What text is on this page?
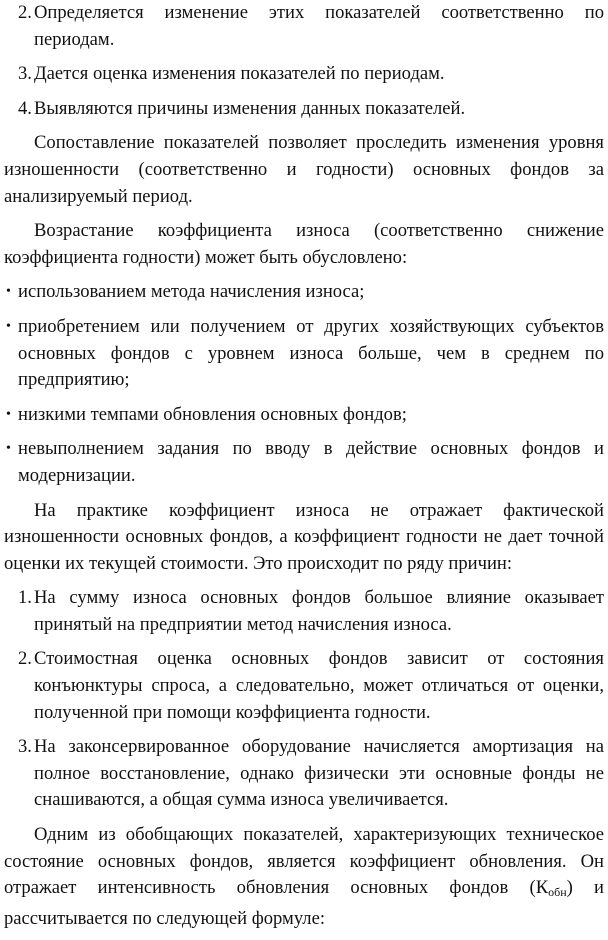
2. Определяется изменение этих показателей соответственно по периодам.
3. Дается оценка изменения показателей по периодам.
4. Выявляются причины изменения данных показателей.

Сопоставление показателей позволяет проследить изменения уровня изношенности (соответственно и годности) основных фондов за анализируемый период.

Возрастание коэффициента износа (соответственно снижение коэффициента годности) может быть обусловлено:

• использованием метода начисления износа;
• приобретением или получением от других хозяйствующих субъектов основных фондов с уровнем износа больше, чем в среднем по предприятию;
• низкими темпами обновления основных фондов;
• невыполнением задания по вводу в действие основных фондов и модернизации.

На практике коэффициент износа не отражает фактической изношенности основных фондов, а коэффициент годности не дает точной оценки их текущей стоимости. Это происходит по ряду причин:

1. На сумму износа основных фондов большое влияние оказывает принятый на предприятии метод начисления износа.
2. Стоимостная оценка основных фондов зависит от состояния конъюнктуры спроса, а следовательно, может отличаться от оценки, полученной при помощи коэффициента годности.
3. На законсервированное оборудование начисляется амортизация на полное восстановление, однако физически эти основные фонды не снашиваются, а общая сумма износа увеличивается.

Одним из обобщающих показателей, характеризующих техническое состояние основных фондов, является коэффициент обновления. Он отражает интенсивность обновления основных фондов $(К_{обн})$ и рассчитывается по следующей формуле:
